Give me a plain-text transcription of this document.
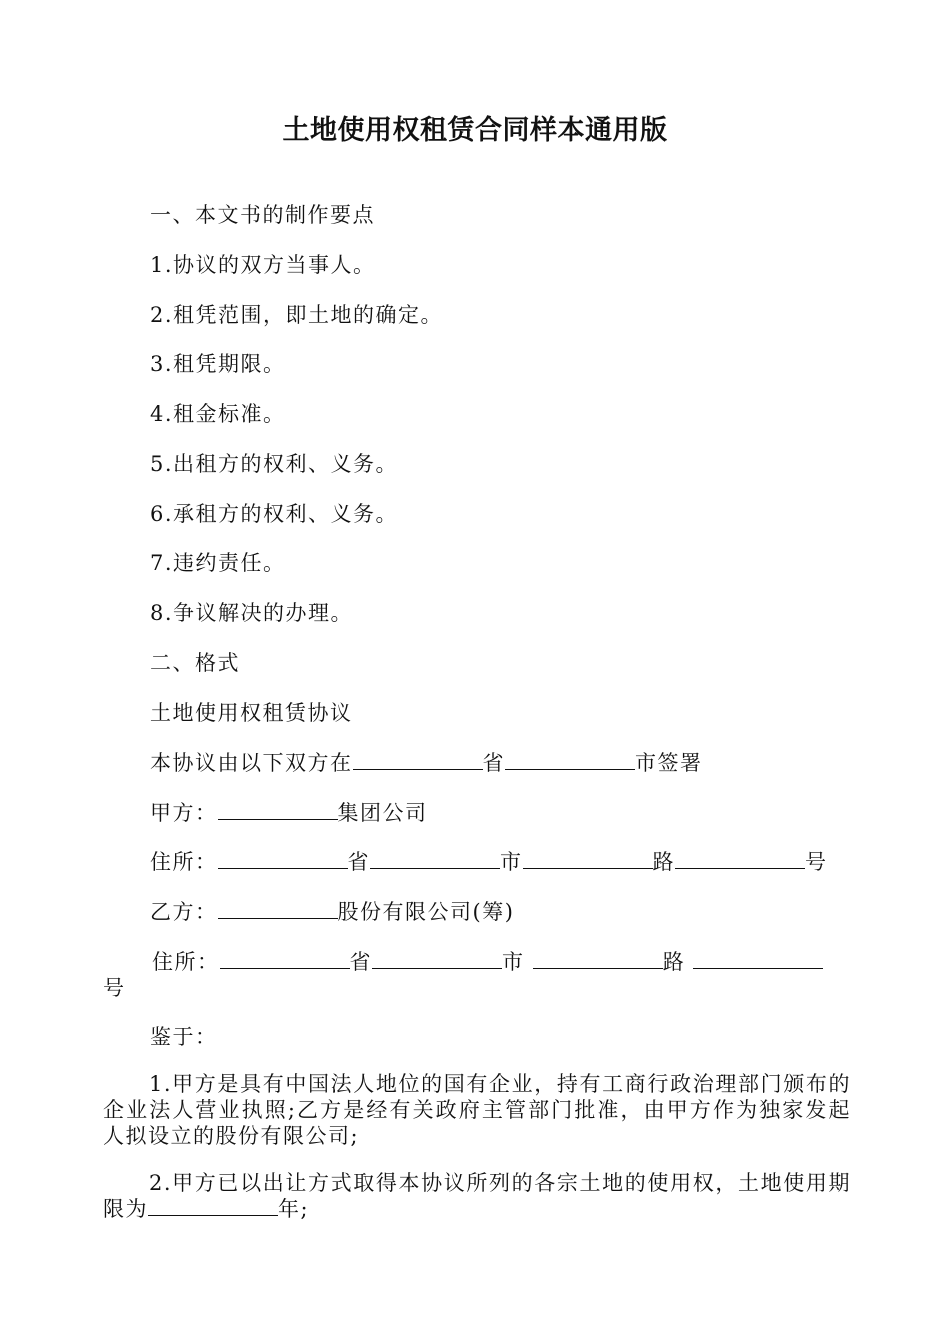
土地使用权租赁合同样本通用版
一、本文书的制作要点
1.协议的双方当事人。
2.租凭范围，即土地的确定。
3.租凭期限。
4.租金标准。
5.出租方的权利、义务。
6.承租方的权利、义务。
7.违约责任。
8.争议解决的办理。
二、格式
土地使用权租赁协议
本协议由以下双方在	省	市签署
甲方：	集团公司
住所：	省	市	路	号
乙方：	股份有限公司(筹)
住所：	省	市	路
号
鉴于：
1.甲方是具有中国法人地位的国有企业，持有工商行政治理部门颁布的企业法人营业执照;乙方是经有关政府主管部门批准，由甲方作为独家发起人拟设立的股份有限公司;
2.甲方已以出让方式取得本协议所列的各宗土地的使用权，土地使用期限为	年;
